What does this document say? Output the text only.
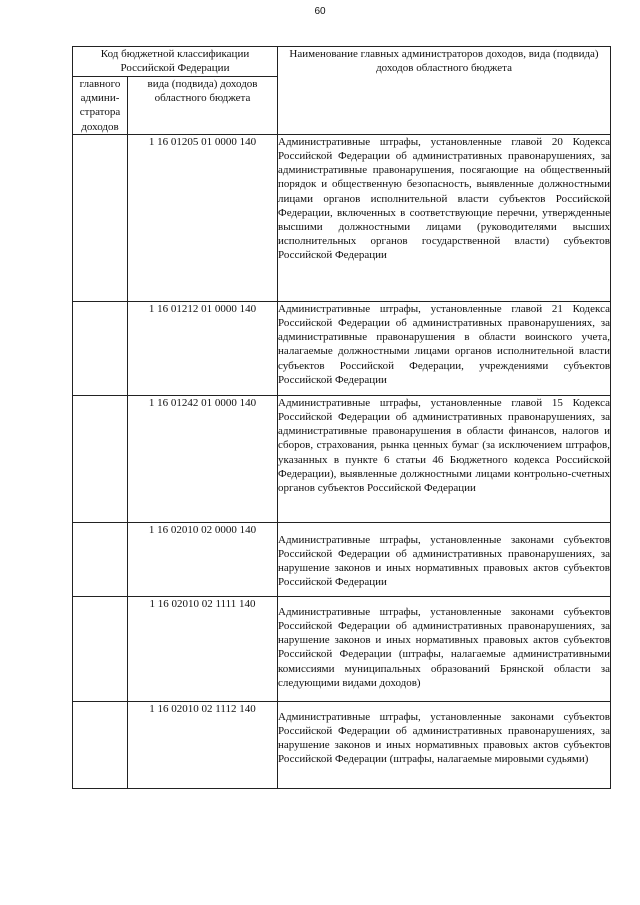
60
Код бюджетной классификации Российской Федерации		Наименование главных администраторов доходов, вида (подвида) доходов областного бюджета
главного админи-стратора доходов	вида (подвида) доходов областного бюджета	
	1 16 01205 01 0000 140	Административные штрафы, установленные главой 20 Кодекса Российской Федерации об административных правонарушениях, за административные правонарушения, посягающие на общественный порядок и общественную безопасность, выявленные должностными лицами органов исполнительной власти субъектов Российской Федерации, включенных в соответствующие перечни, утвержденные высшими должностными лицами (руководителями высших исполнительных органов государственной власти) субъектов Российской Федерации
	1 16 01212 01 0000 140	Административные штрафы, установленные главой 21 Кодекса Российской Федерации об административных правонарушениях, за административные правонарушения в области воинского учета, налагаемые должностными лицами органов исполнительной власти субъектов Российской Федерации, учреждениями субъектов Российской Федерации
	1 16 01242 01 0000 140	Административные штрафы, установленные главой 15 Кодекса Российской Федерации об административных правонарушениях, за административные правонарушения в области финансов, налогов и сборов, страхования, рынка ценных бумаг (за исключением штрафов, указанных в пункте 6 статьи 46 Бюджетного кодекса Российской Федерации), выявленные должностными лицами контрольно-счетных органов субъектов Российской Федерации
	1 16 02010 02 0000 140	Административные штрафы, установленные законами субъектов Российской Федерации об административных правонарушениях, за нарушение законов и иных нормативных правовых актов субъектов Российской Федерации
	1 16 02010 02 1111 140	Административные штрафы, установленные законами субъектов Российской Федерации об административных правонарушениях, за нарушение законов и иных нормативных правовых актов субъектов Российской Федерации (штрафы, налагаемые административными комиссиями муниципальных образований Брянской области за следующими видами доходов)
	1 16 02010 02 1112 140	Административные штрафы, установленные законами субъектов Российской Федерации об административных правонарушениях, за нарушение законов и иных нормативных правовых актов субъектов Российской Федерации (штрафы, налагаемые мировыми судьями)
